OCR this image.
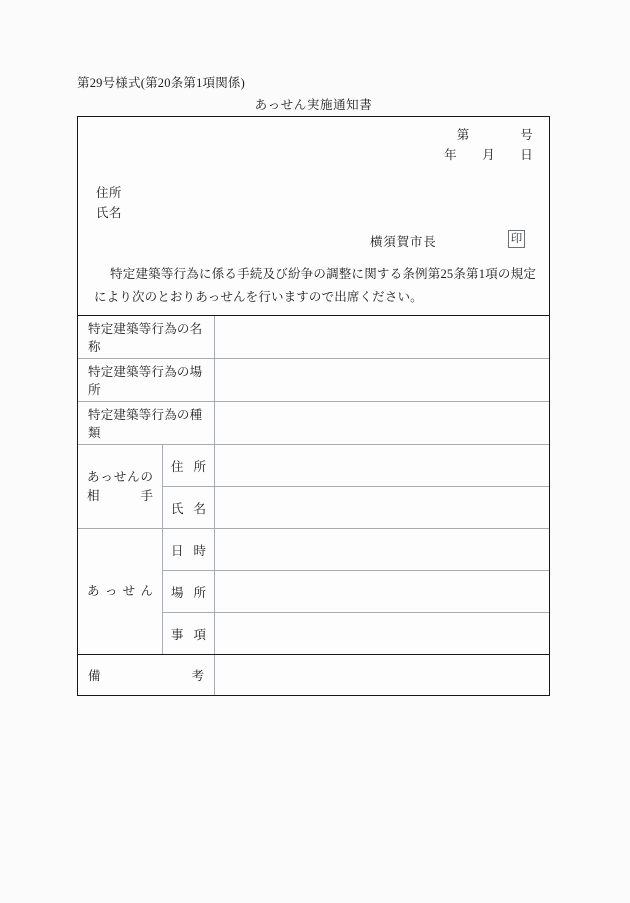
第29号様式(第20条第1項関係)
あっせん実施通知書
第　　　　号
年　　月　　日
住所
氏名
横須賀市長	印
特定建築等行為に係る手続及び紛争の調整に関する条例第25条第1項の規定により次のとおりあっせんを行いますので出席ください。
特定建築等行為の名称
特定建築等行為の場所
特定建築等行為の種類
あ っ せ ん の
相	手
住 所
氏 名
あ っ せ ん
日 時
場 所
事 項
備	考
